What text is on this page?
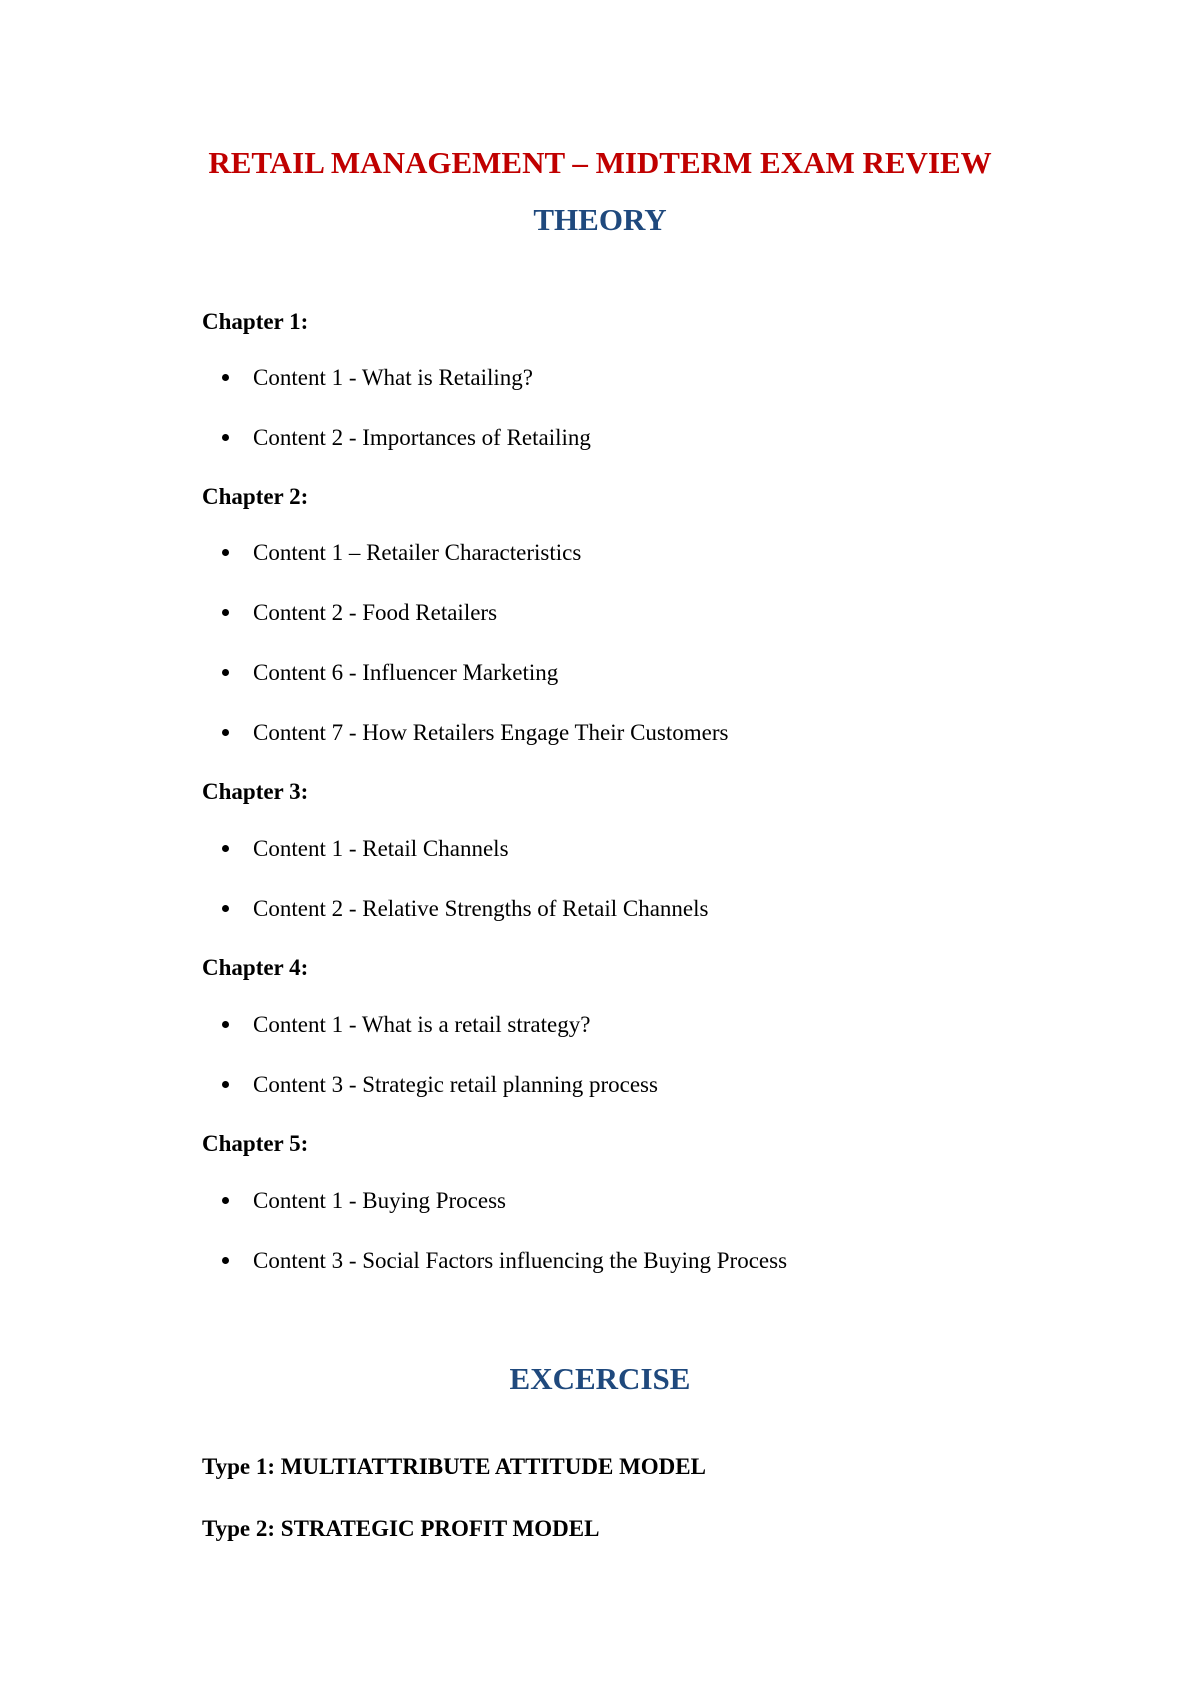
RETAIL MANAGEMENT – MIDTERM EXAM REVIEW
THEORY
Chapter 1:
Content 1 - What is Retailing?
Content 2 - Importances of Retailing
Chapter 2:
Content 1 – Retailer Characteristics
Content 2 - Food Retailers
Content 6 - Influencer Marketing
Content 7 - How Retailers Engage Their Customers
Chapter 3:
Content 1 - Retail Channels
Content 2 - Relative Strengths of Retail Channels
Chapter 4:
Content 1 - What is a retail strategy?
Content 3 - Strategic retail planning process
Chapter 5:
Content 1 - Buying Process
Content 3 - Social Factors influencing the Buying Process
EXCERCISE
Type 1: MULTIATTRIBUTE ATTITUDE MODEL
Type 2: STRATEGIC PROFIT MODEL
